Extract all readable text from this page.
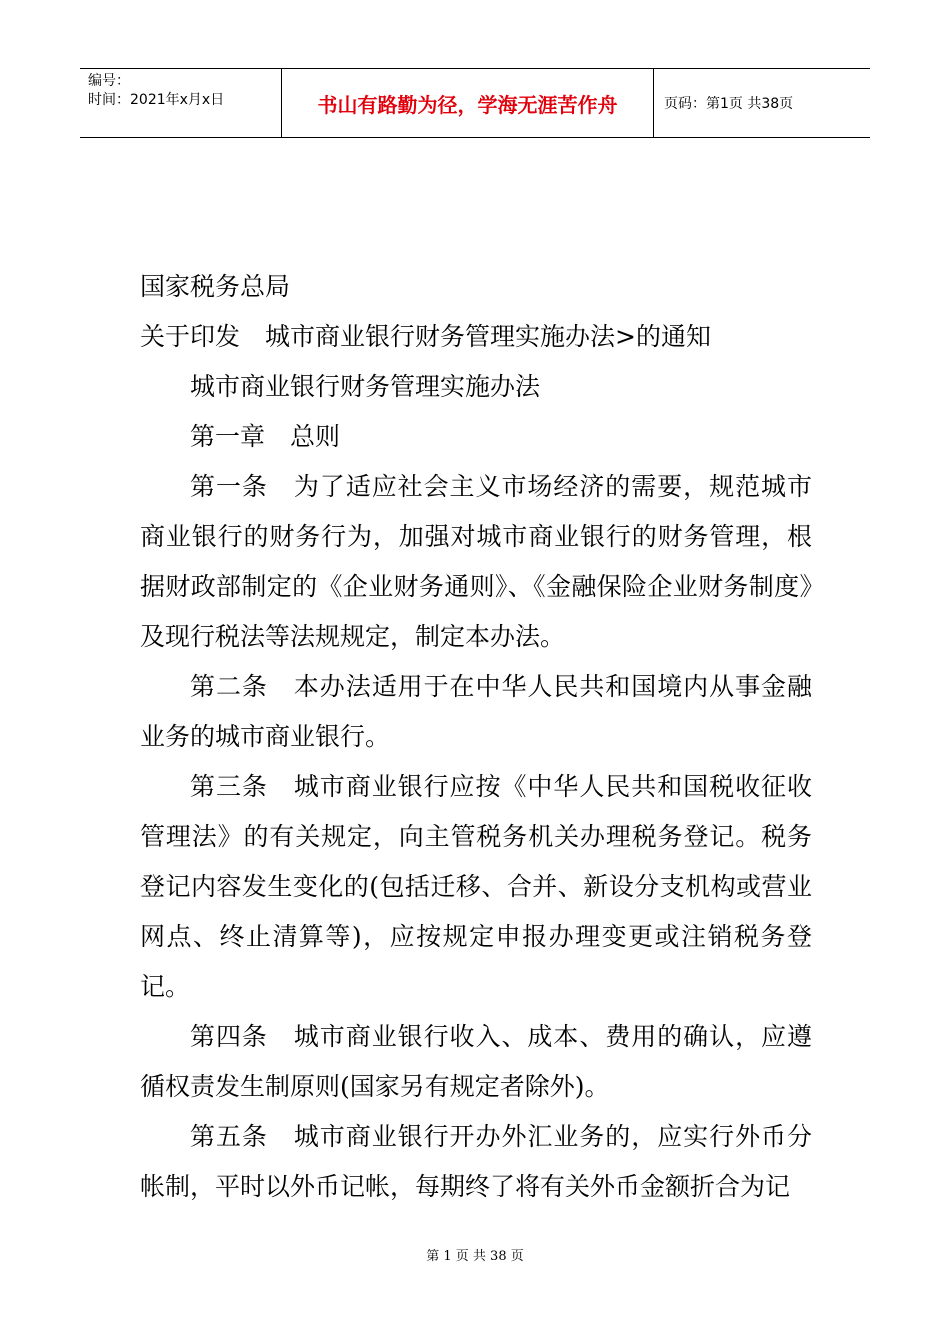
编号：
时间：2021年x月x日	书山有路勤为径，学海无涯苦作舟	页码：第1页 共38页

国家税务总局

关于印发　城市商业银行财务管理实施办法>的通知

城市商业银行财务管理实施办法

第一章　总则

第一条　为了适应社会主义市场经济的需要，规范城市商业银行的财务行为，加强对城市商业银行的财务管理，根据财政部制定的《企业财务通则》、《金融保险企业财务制度》及现行税法等法规规定，制定本办法。

第二条　本办法适用于在中华人民共和国境内从事金融业务的城市商业银行。

第三条　城市商业银行应按《中华人民共和国税收征收管理法》的有关规定，向主管税务机关办理税务登记。税务登记内容发生变化的(包括迁移、合并、新设分支机构或营业网点、终止清算等)，应按规定申报办理变更或注销税务登记。

第四条　城市商业银行收入、成本、费用的确认，应遵循权责发生制原则(国家另有规定者除外)。

第五条　城市商业银行开办外汇业务的，应实行外币分帐制，平时以外币记帐，每期终了将有关外币金额折合为记

第 1 页 共 38 页
